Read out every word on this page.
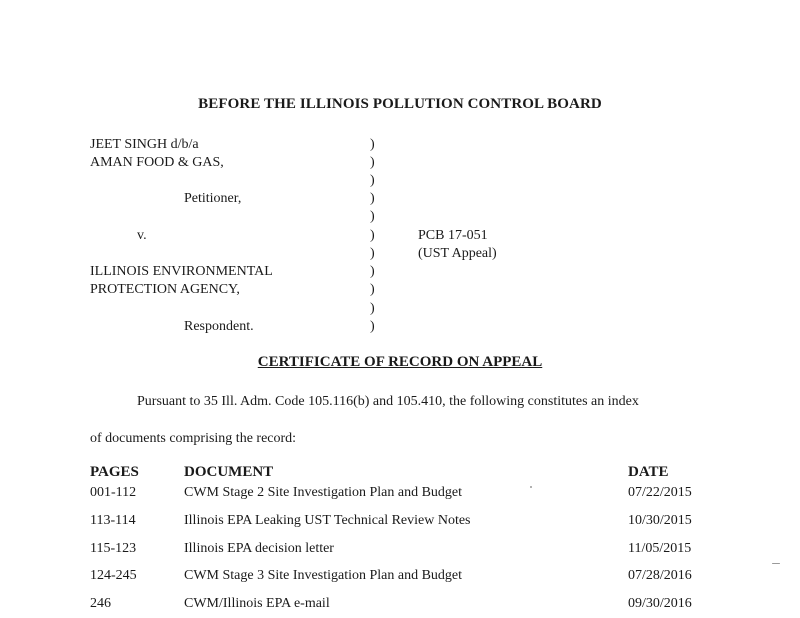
BEFORE THE ILLINOIS POLLUTION CONTROL BOARD
JEET SINGH d/b/a
AMAN FOOD & GAS,
Petitioner,
v.
ILLINOIS ENVIRONMENTAL
PROTECTION AGENCY,
Respondent.
)
)
)
)
)
)
)
)
)
)
)
PCB 17-051
(UST Appeal)
CERTIFICATE OF RECORD ON APPEAL
Pursuant to 35 Ill. Adm. Code 105.116(b) and 105.410, the following constitutes an index
of documents comprising the record:
PAGES	DOCUMENT	DATE
001-112	CWM Stage 2 Site Investigation Plan and Budget	07/22/2015
113-114	Illinois EPA Leaking UST Technical Review Notes	10/30/2015
115-123	Illinois EPA decision letter	11/05/2015
124-245	CWM Stage 3 Site Investigation Plan and Budget	07/28/2016
246	CWM/Illinois EPA e-mail	09/30/2016
